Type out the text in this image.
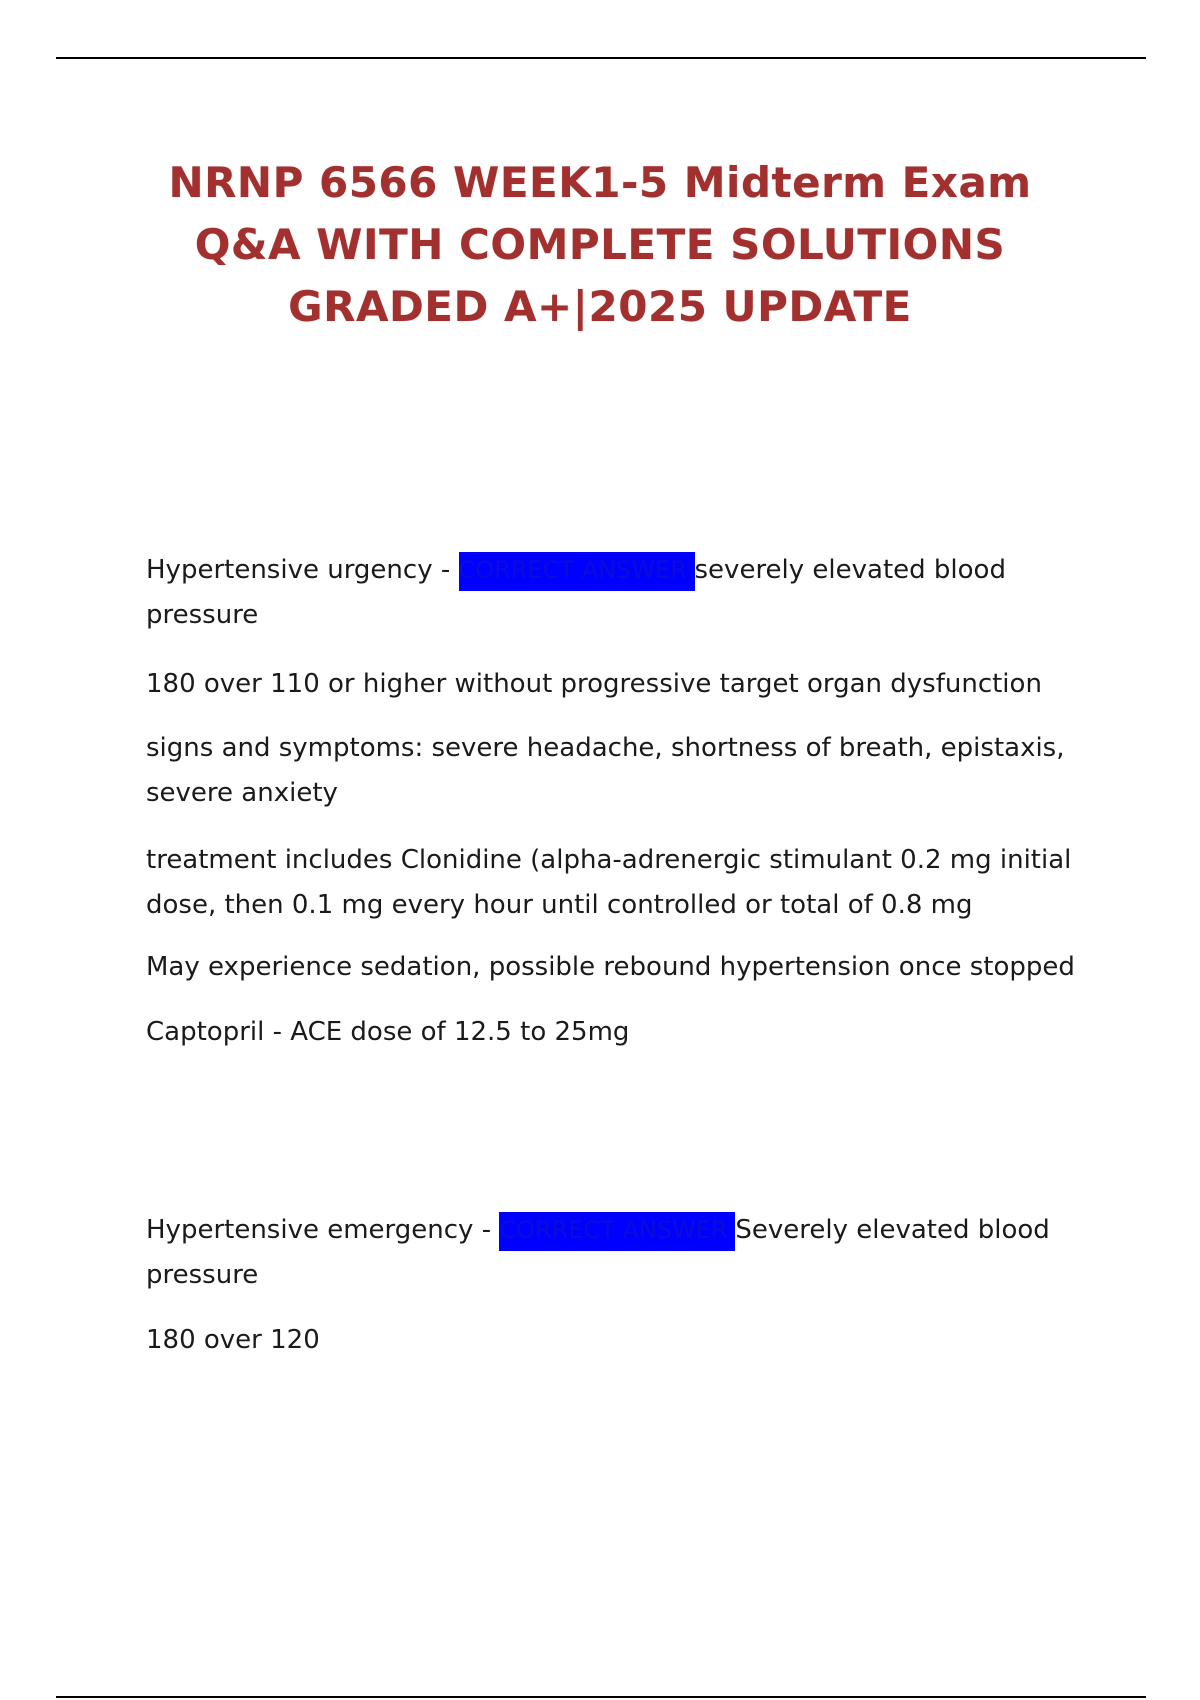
NRNP 6566 WEEK1-5 Midterm Exam
Q&A WITH COMPLETE SOLUTIONS
GRADED A+|2025 UPDATE

Hypertensive urgency - CORRECT ANSWER severely elevated blood pressure

180 over 110 or higher without progressive target organ dysfunction

signs and symptoms: severe headache, shortness of breath, epistaxis, severe anxiety

treatment includes Clonidine (alpha-adrenergic stimulant 0.2 mg initial dose, then 0.1 mg every hour until controlled or total of 0.8 mg

May experience sedation, possible rebound hypertension once stopped

Captopril - ACE dose of 12.5 to 25mg

Hypertensive emergency - CORRECT ANSWER Severely elevated blood pressure

180 over 120
